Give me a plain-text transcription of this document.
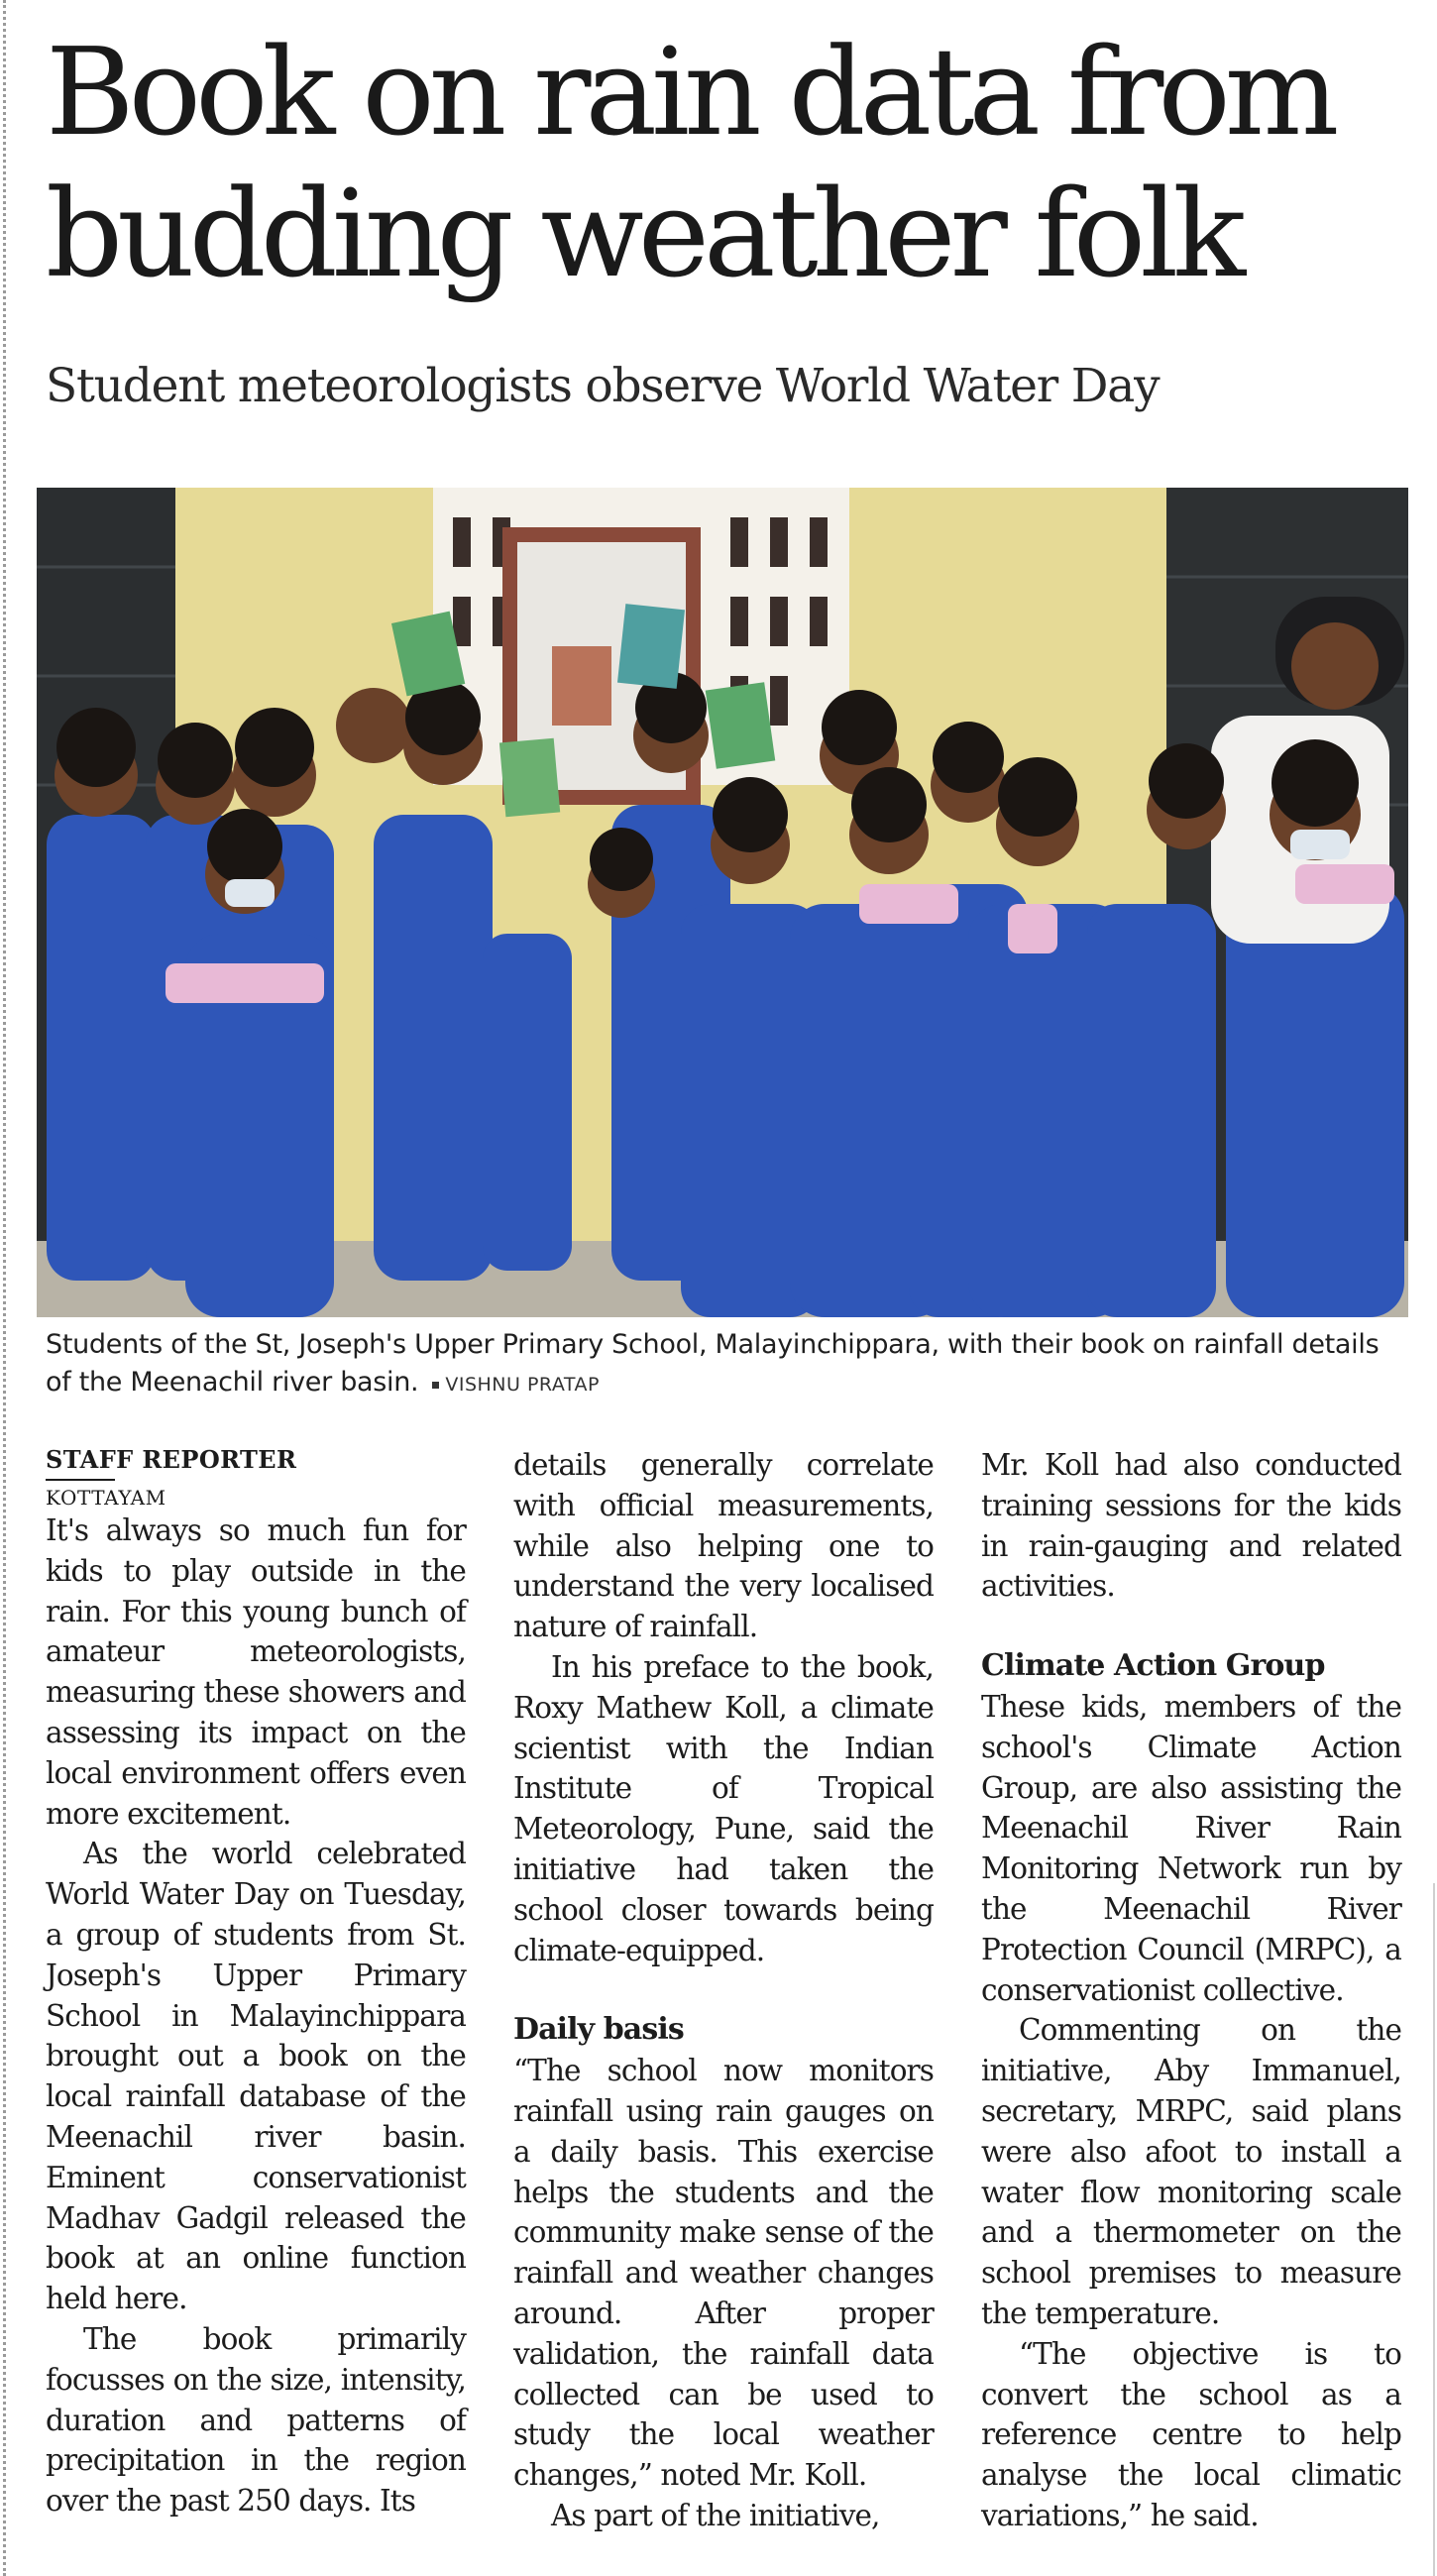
Book on rain data from budding weather folk
Student meteorologists observe World Water Day
Students of the St, Joseph's Upper Primary School, Malayinchippara, with their book on rainfall details of the Meenachil river basin. VISHNU PRATAP

STAFF REPORTER

KOTTAYAM

It's always so much fun for kids to play outside in the rain. For this young bunch of amateur meteorologists, measuring these showers and assessing its impact on the local environment offers even more excitement.

As the world celebrated World Water Day on Tuesday, a group of students from St. Joseph's Upper Primary School in Malayinchippara brought out a book on the local rainfall database of the Meenachil river basin. Eminent conservationist Madhav Gadgil released the book at an online function held here.

The book primarily focusses on the size, intensity, duration and patterns of precipitation in the region over the past 250 days. Its

details generally correlate with official measurements, while also helping one to understand the very localised nature of rainfall.

In his preface to the book, Roxy Mathew Koll, a climate scientist with the Indian Institute of Tropical Meteorology, Pune, said the initiative had taken the school closer towards being climate-equipped.

Daily basis

“The school now monitors rainfall using rain gauges on a daily basis. This exercise helps the students and the community make sense of the rainfall and weather changes around. After proper validation, the rainfall data collected can be used to study the local weather changes,” noted Mr. Koll.

As part of the initiative,

Mr. Koll had also conducted training sessions for the kids in rain-gauging and related activities.

Climate Action Group

These kids, members of the school's Climate Action Group, are also assisting the Meenachil River Rain Monitoring Network run by the Meenachil River Protection Council (MRPC), a conservationist collective.

Commenting on the initiative, Aby Immanuel, secretary, MRPC, said plans were also afoot to install a water flow monitoring scale and a thermometer on the school premises to measure the temperature.

“The objective is to convert the school as a reference centre to help analyse the local climatic variations,” he said.
